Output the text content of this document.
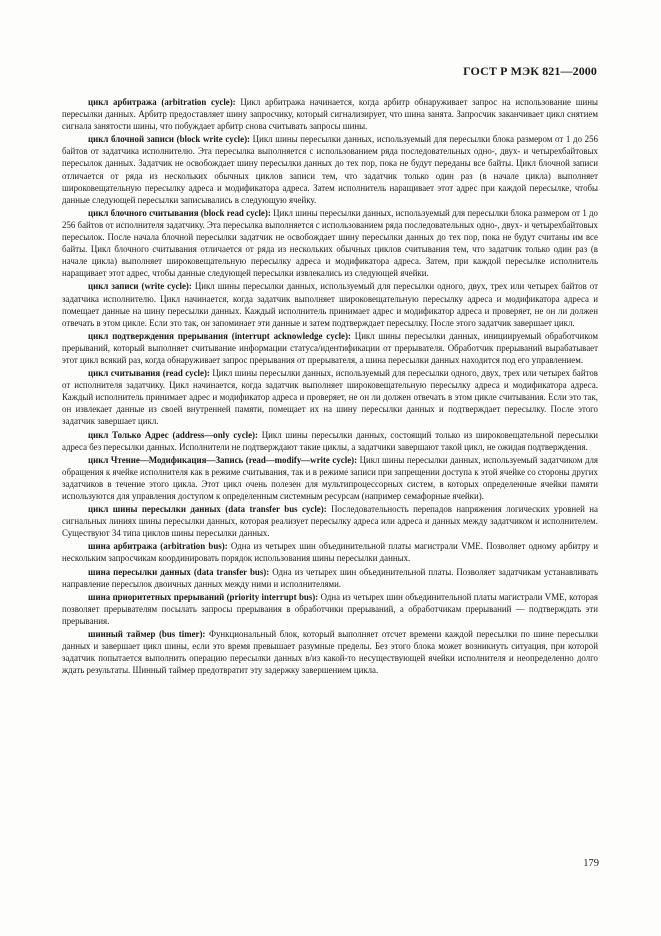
ГОСТ Р МЭК 821—2000

цикл арбитража (arbitration cycle): Цикл арбитража начинается, когда арбитр обнаруживает запрос на использование шины пересылки данных. Арбитр предоставляет шину запросчику, который сигнализирует, что шина занята. Запросчик заканчивает цикл снятием сигнала занятости шины, что побуждает арбитр снова считывать запросы шины.

цикл блочной записи (block write cycle): Цикл шины пересылки данных, используемый для пересылки блока размером от 1 до 256 байтов от задатчика исполнителю. Эта пересылка выполняется с использованием ряда последовательных одно-, двух- и четырехбайтовых пересылок данных. Задатчик не освобождает шину пересылки данных до тех пор, пока не будут переданы все байты. Цикл блочной записи отличается от ряда из нескольких обычных циклов записи тем, что задатчик только один раз (в начале цикла) выполняет широковещательную пересылку адреса и модификатора адреса. Затем исполнитель наращивает этот адрес при каждой пересылке, чтобы данные следующей пересылки записывались в следующую ячейку.

цикл блочного считывания (block read cycle): Цикл шины пересылки данных, используемый для пересылки блока размером от 1 до 256 байтов от исполнителя задатчику. Эта пересылка выполняется с использованием ряда последовательных одно-, двух- и четырехбайтовых пересылок. После начала блочной пересылки задатчик не освобождает шину пересылки данных до тех пор, пока не будут считаны им все байты. Цикл блочного считывания отличается от ряда из нескольких обычных циклов считывания тем, что задатчик только один раз (в начале цикла) выполняет широковещательную пересылку адреса и модификатора адреса. Затем, при каждой пересылке исполнитель наращивает этот адрес, чтобы данные следующей пересылки извлекались из следующей ячейки.

цикл записи (write cycle): Цикл шины пересылки данных, используемый для пересылки одного, двух, трех или четырех байтов от задатчика исполнителю. Цикл начинается, когда задатчик выполняет широковещательную пересылку адреса и модификатора адреса и помещает данные на шину пересылки данных. Каждый исполнитель принимает адрес и модификатор адреса и проверяет, не он ли должен отвечать в этом цикле. Если это так, он запоминает эти данные и затем подтверждает пересылку. После этого задатчик завершает цикл.

цикл подтверждения прерывания (interrupt acknowledge cycle): Цикл шины пересылки данных, инициируемый обработчиком прерываний, который выполняет считывание информации статуса/идентификации от прерывателя. Обработчик прерываний вырабатывает этот цикл всякий раз, когда обнаруживает запрос прерывания от прерывателя, а шина пересылки данных находится под его управлением.

цикл считывания (read cycle): Цикл шины пересылки данных, используемый для пересылки одного, двух, трех или четырех байтов от исполнителя задатчику. Цикл начинается, когда задатчик выполняет широковещательную пересылку адреса и модификатора адреса. Каждый исполнитель принимает адрес и модификатор адреса и проверяет, не он ли должен отвечать в этом цикле считывания. Если это так, он извлекает данные из своей внутренней памяти, помещает их на шину пересылки данных и подтверждает пересылку. После этого задатчик завершает цикл.

цикл Только Адрес (address—only cycle): Цикл шины пересылки данных, состоящий только из широковещательной пересылки адреса без пересылки данных. Исполнители не подтверждают такие циклы, а задатчики завершают такой цикл, не ожидая подтверждения.

цикл Чтение—Модификация—Запись (read—modify—write cycle): Цикл шины пересылки данных, используемый задатчиком для обращения к ячейке исполнителя как в режиме считывания, так и в режиме записи при запрещении доступа к этой ячейке со стороны других задатчиков в течение этого цикла. Этот цикл очень полезен для мультипроцессорных систем, в которых определенные ячейки памяти используются для управления доступом к определенным системным ресурсам (например семафорные ячейки).

цикл шины пересылки данных (data transfer bus cycle): Последовательность перепадов напряжения логических уровней на сигнальных линиях шины пересылки данных, которая реализует пересылку адреса или адреса и данных между задатчиком и исполнителем. Существуют 34 типа циклов шины пересылки данных.

шина арбитража (arbitration bus): Одна из четырех шин объединительной платы магистрали VME. Позволяет одному арбитру и нескольким запросчикам координировать порядок использования шины пересылки данных.

шина пересылки данных (data transfer bus): Одна из четырех шин объединительной платы. Позволяет задатчикам устанавливать направление пересылок двоичных данных между ними и исполнителями.

шина приоритетных прерываний (priority interrupt bus): Одна из четырех шин объединительной платы магистрали VME, которая позволяет прерывателям посылать запросы прерывания в обработчики прерываний, а обработчикам прерываний — подтверждать эти прерывания.

шинный таймер (bus timer): Функциональный блок, который выполняет отсчет времени каждой пересылки по шине пересылки данных и завершает цикл шины, если это время превышает разумные пределы. Без этого блока может возникнуть ситуация, при которой задатчик попытается выполнить операцию пересылки данных в/из какой-то несуществующей ячейки исполнителя и неопределенно долго ждать результаты. Шинный таймер предотвратит эту задержку завершением цикла.

179
